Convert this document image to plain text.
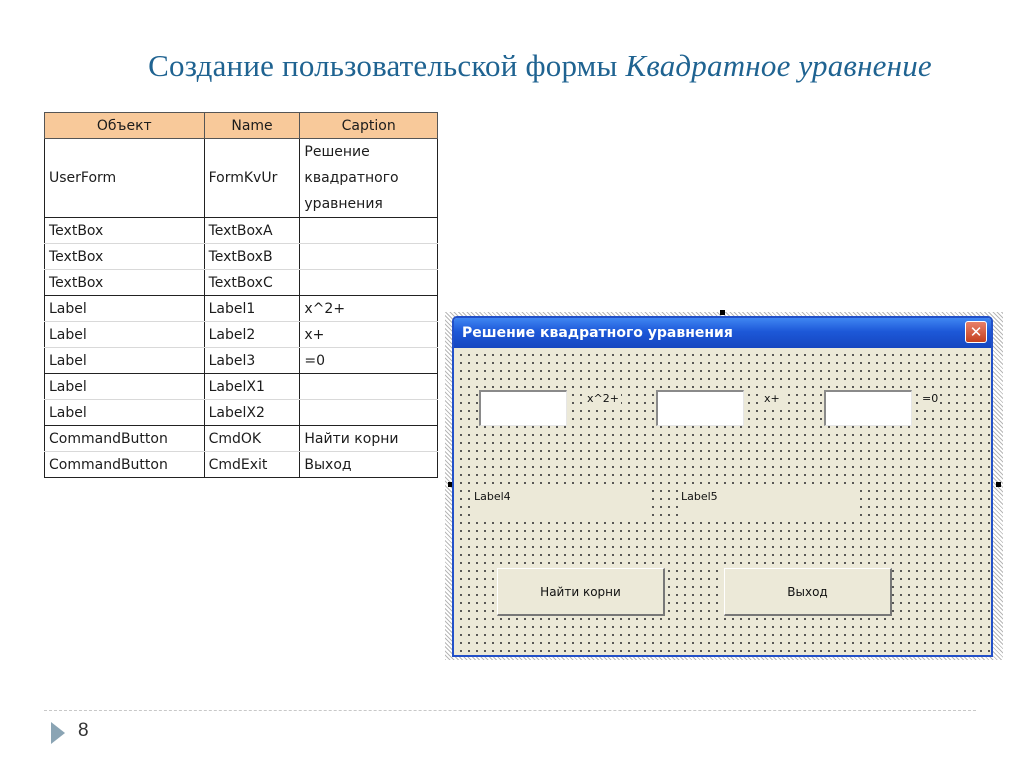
Создание пользовательской формы Квадратное уравнение
Объект	Name	Caption
UserForm	FormKvUr	Решение квадратного уравнения
TextBox	TextBoxA	
TextBox	TextBoxB	
TextBox	TextBoxC	
Label	Label1	x^2+
Label	Label2	x+
Label	Label3	=0
Label	LabelX1	
Label	LabelX2	
CommandButton	CmdOK	Найти корни
CommandButton	CmdExit	Выход
Решение квадратного уравнения	✕
x^2+	x+	=0
Label4	Label5
Найти корни	Выход
8
